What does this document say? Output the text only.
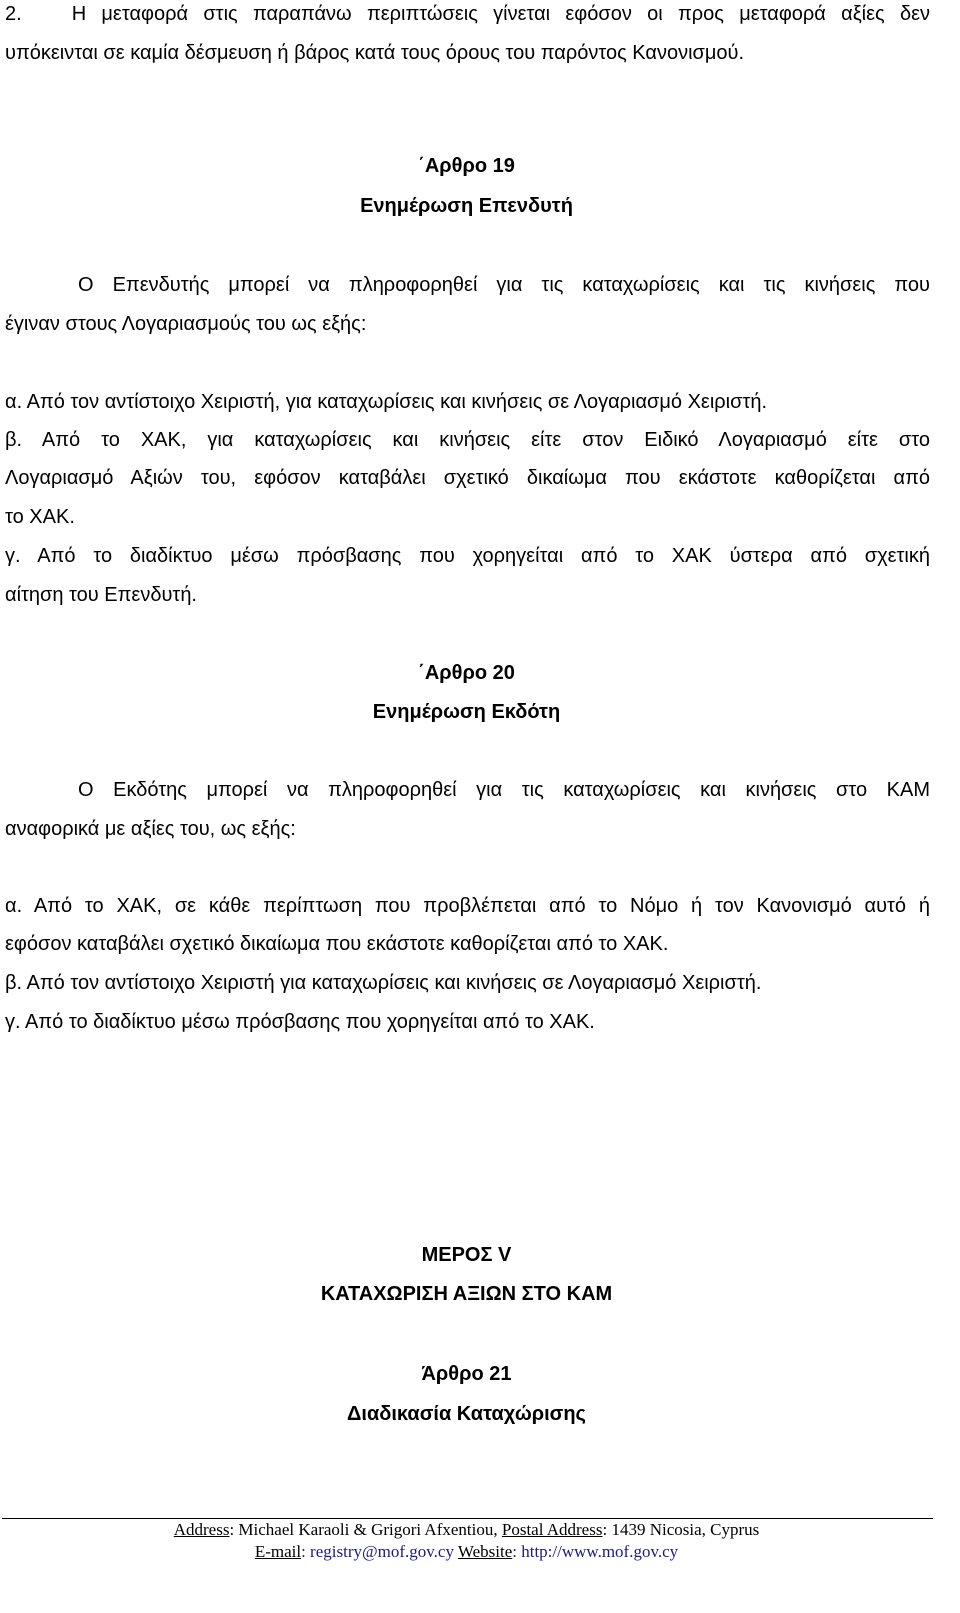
2.	Η μεταφορά στις παραπάνω περιπτώσεις γίνεται εφόσον οι προς μεταφορά αξίες δεν
υπόκεινται σε καμία δέσμευση ή βάρος κατά τους όρους του παρόντος Κανονισμού.
΄Αρθρο 19
Ενημέρωση Επενδυτή
Ο Επενδυτής μπορεί να πληροφορηθεί για τις καταχωρίσεις και τις κινήσεις που
έγιναν στους Λογαριασμούς του ως εξής:
α. Από τον αντίστοιχο Χειριστή, για καταχωρίσεις και κινήσεις σε Λογαριασμό Χειριστή.
β. Από το ΧΑΚ, για καταχωρίσεις και κινήσεις είτε στον Ειδικό Λογαριασμό είτε στο
Λογαριασμό Αξιών του, εφόσον καταβάλει σχετικό δικαίωμα που εκάστοτε καθορίζεται από
το ΧΑΚ.
γ. Από το διαδίκτυο μέσω πρόσβασης που χορηγείται από το ΧΑΚ ύστερα από σχετική
αίτηση του Επενδυτή.
΄Αρθρο 20
Ενημέρωση Εκδότη
Ο Εκδότης μπορεί να πληροφορηθεί για τις καταχωρίσεις και κινήσεις στο ΚΑΜ
αναφορικά με αξίες του, ως εξής:
α. Από το ΧΑΚ, σε κάθε περίπτωση που προβλέπεται από το Νόμο ή τον Κανονισμό αυτό ή
εφόσον καταβάλει σχετικό δικαίωμα που εκάστοτε καθορίζεται από το ΧΑΚ.
β. Από τον αντίστοιχο Χειριστή για καταχωρίσεις και κινήσεις σε Λογαριασμό Χειριστή.
γ. Από το διαδίκτυο μέσω πρόσβασης που χορηγείται από το ΧΑΚ.
ΜΕΡΟΣ V
ΚΑΤΑΧΩΡΙΣΗ ΑΞΙΩΝ ΣΤΟ ΚΑΜ
Άρθρο 21
Διαδικασία Καταχώρισης
Address: Michael Karaoli & Grigori Afxentiou, Postal Address: 1439 Nicosia, Cyprus
E-mail: registry@mof.gov.cy Website: http://www.mof.gov.cy
